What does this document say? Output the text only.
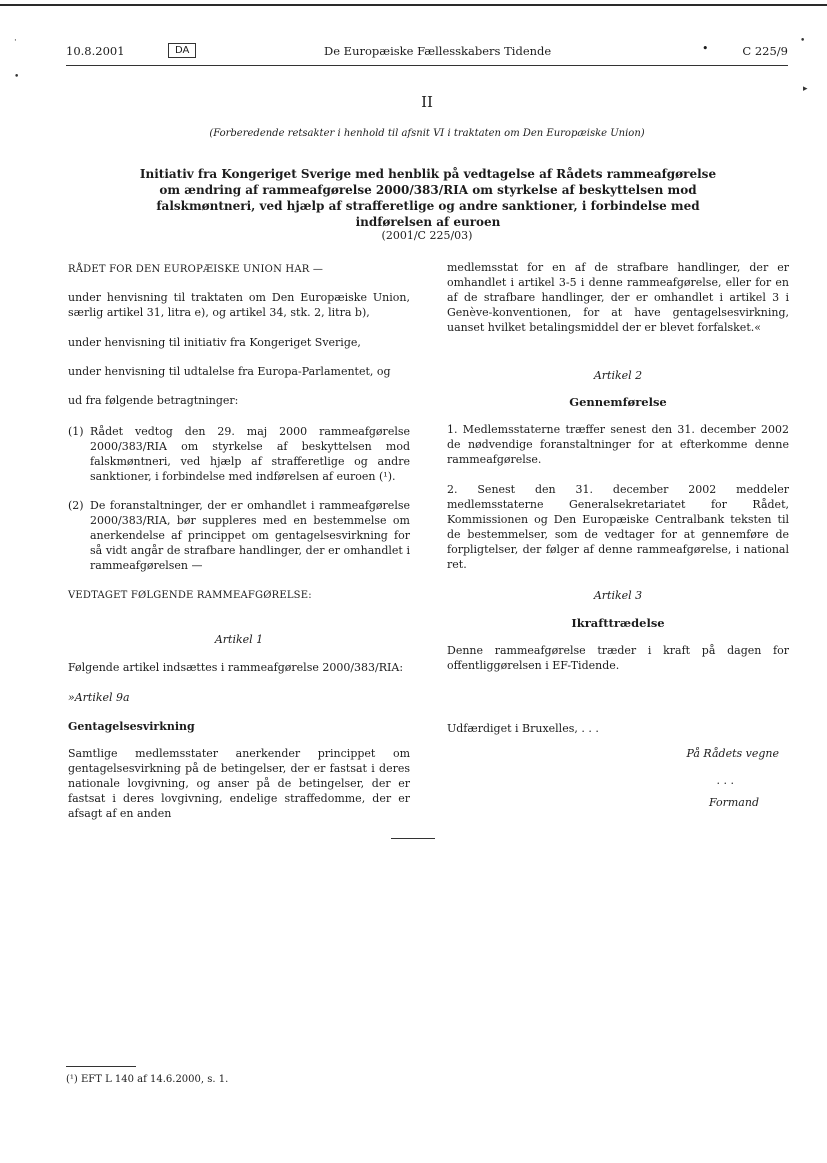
10.8.2001	DA	De Europæiske Fællesskabers Tidende	•	C 225/9
·
•
•
▸
II
(Forberedende retsakter i henhold til afsnit VI i traktaten om Den Europæiske Union)
Initiativ fra Kongeriget Sverige med henblik på vedtagelse af Rådets rammeafgørelse om ændring af rammeafgørelse 2000/383/RIA om styrkelse af beskyttelsen mod falskmøntneri, ved hjælp af strafferetlige og andre sanktioner, i forbindelse med indførelsen af euroen
(2001/C 225/03)
RÅDET FOR DEN EUROPÆISKE UNION HAR —
under henvisning til traktaten om Den Europæiske Union, særlig artikel 31, litra e), og artikel 34, stk. 2, litra b),
under henvisning til initiativ fra Kongeriget Sverige,
under henvisning til udtalelse fra Europa-Parlamentet, og
ud fra følgende betragtninger:
(1) Rådet vedtog den 29. maj 2000 rammeafgørelse 2000/383/RIA om styrkelse af beskyttelsen mod falskmøntneri, ved hjælp af strafferetlige og andre sanktioner, i forbindelse med indførelsen af euroen (¹).
(2) De foranstaltninger, der er omhandlet i rammeafgørelse 2000/383/RIA, bør suppleres med en bestemmelse om anerkendelse af princippet om gentagelsesvirkning for så vidt angår de strafbare handlinger, der er omhandlet i rammeafgørelsen —
VEDTAGET FØLGENDE RAMMEAFGØRELSE:
Artikel 1
Følgende artikel indsættes i rammeafgørelse 2000/383/RIA:
»Artikel 9a
Gentagelsesvirkning
Samtlige medlemsstater anerkender princippet om gentagelsesvirkning på de betingelser, der er fastsat i deres nationale lovgivning, og anser på de betingelser, der er fastsat i deres lovgivning, endelige straffedomme, der er afsagt af en anden
medlemsstat for en af de strafbare handlinger, der er omhandlet i artikel 3-5 i denne rammeafgørelse, eller for en af de strafbare handlinger, der er omhandlet i artikel 3 i Genève-konventionen, for at have gentagelsesvirkning, uanset hvilket betalingsmiddel der er blevet forfalsket.«
Artikel 2
Gennemførelse
1. Medlemsstaterne træffer senest den 31. december 2002 de nødvendige foranstaltninger for at efterkomme denne rammeafgørelse.
2. Senest den 31. december 2002 meddeler medlemsstaterne Generalsekretariatet for Rådet, Kommissionen og Den Europæiske Centralbank teksten til de bestemmelser, som de vedtager for at gennemføre de forpligtelser, der følger af denne rammeafgørelse, i national ret.
Artikel 3
Ikrafttrædelse
Denne rammeafgørelse træder i kraft på dagen for offentliggørelsen i EF-Tidende.
Udfærdiget i Bruxelles, . . .
På Rådets vegne
. . .
Formand
(¹) EFT L 140 af 14.6.2000, s. 1.
